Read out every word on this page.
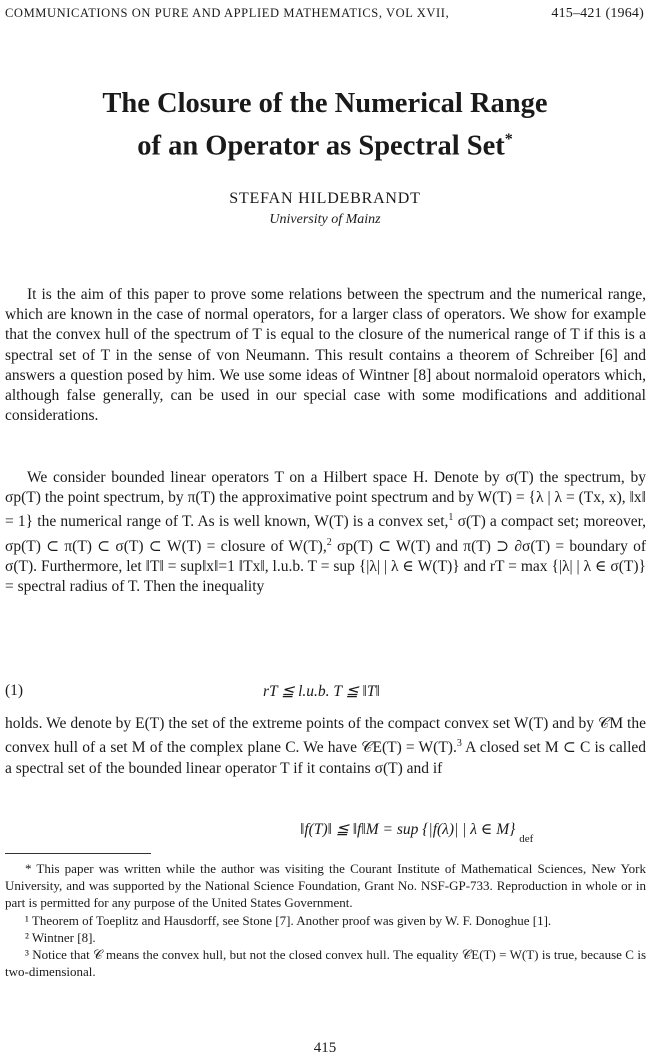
COMMUNICATIONS ON PURE AND APPLIED MATHEMATICS, VOL XVII,	415–421 (1964)
The Closure of the Numerical Range
of an Operator as Spectral Set*
STEFAN HILDEBRANDT
University of Mainz

It is the aim of this paper to prove some relations between the spectrum and the numerical range, which are known in the case of normal operators, for a larger class of operators. We show for example that the convex hull of the spectrum of T is equal to the closure of the numerical range of T if this is a spectral set of T in the sense of von Neumann. This result contains a theorem of Schreiber [6] and answers a question posed by him. We use some ideas of Wintner [8] about normaloid operators which, although false generally, can be used in our special case with some modifications and additional considerations.

We consider bounded linear operators T on a Hilbert space H. Denote by σ(T) the spectrum, by σp(T) the point spectrum, by π(T) the approximative point spectrum and by W(T) = {λ | λ = (Tx, x), ‖x‖ = 1} the numerical range of T. As is well known, W(T) is a convex set,$^1$ σ(T) a compact set; moreover, σp(T) ⊂ π(T) ⊂ σ(T) ⊂ W(T) = closure of W(T),$^2$ σp(T) ⊂ W(T) and π(T) ⊃ ∂σ(T) = boundary of σ(T). Furthermore, let ‖T‖ = sup‖x‖=1 ‖Tx‖, l.u.b. T = sup {|λ| | λ ∈ W(T)} and rT = max {|λ| | λ ∈ σ(T)} = spectral radius of T. Then the inequality

(1)	rT ≦ l.u.b. T ≦ ‖T‖

holds. We denote by E(T) the set of the extreme points of the compact convex set W(T) and by 𝒞M the convex hull of a set M of the complex plane C. We have 𝒞E(T) = W(T).$^3$ A closed set M ⊂ C is called a spectral set of the bounded linear operator T if it contains σ(T) and if

‖f(T)‖ ≦ ‖f‖M = sup {|f(λ)| | λ ∈ M} $_{def}$

* This paper was written while the author was visiting the Courant Institute of Mathematical Sciences, New York University, and was supported by the National Science Foundation, Grant No. NSF-GP-733. Reproduction in whole or in part is permitted for any purpose of the United States Government.

¹ Theorem of Toeplitz and Hausdorff, see Stone [7]. Another proof was given by W. F. Donoghue [1].

² Wintner [8].

³ Notice that 𝒞 means the convex hull, but not the closed convex hull. The equality 𝒞E(T) = W(T) is true, because C is two-dimensional.

415
